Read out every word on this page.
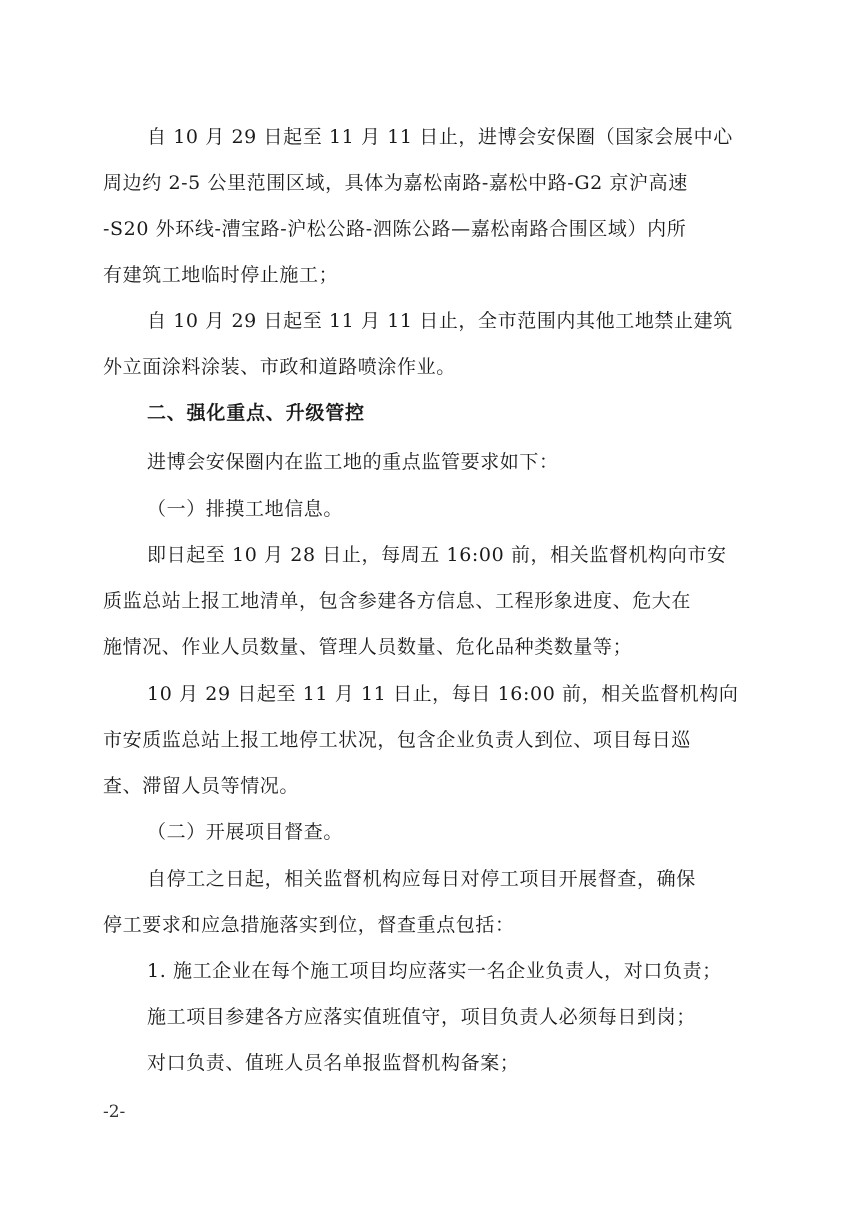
自 10 月 29 日起至 11 月 11 日止，进博会安保圈（国家会展中心
周边约 2-5 公里范围区域，具体为嘉松南路-嘉松中路-G2 京沪高速
-S20 外环线-漕宝路-沪松公路-泗陈公路—嘉松南路合围区域）内所
有建筑工地临时停止施工；
自 10 月 29 日起至 11 月 11 日止，全市范围内其他工地禁止建筑
外立面涂料涂装、市政和道路喷涂作业。
二、强化重点、升级管控
进博会安保圈内在监工地的重点监管要求如下：
（一）排摸工地信息。
即日起至 10 月 28 日止，每周五 16:00 前，相关监督机构向市安
质监总站上报工地清单，包含参建各方信息、工程形象进度、危大在
施情况、作业人员数量、管理人员数量、危化品种类数量等；
10 月 29 日起至 11 月 11 日止，每日 16:00 前，相关监督机构向
市安质监总站上报工地停工状况，包含企业负责人到位、项目每日巡
查、滞留人员等情况。
（二）开展项目督查。
自停工之日起，相关监督机构应每日对停工项目开展督查，确保
停工要求和应急措施落实到位，督查重点包括：
1. 施工企业在每个施工项目均应落实一名企业负责人，对口负责；
施工项目参建各方应落实值班值守，项目负责人必须每日到岗；
对口负责、值班人员名单报监督机构备案；
-2-
